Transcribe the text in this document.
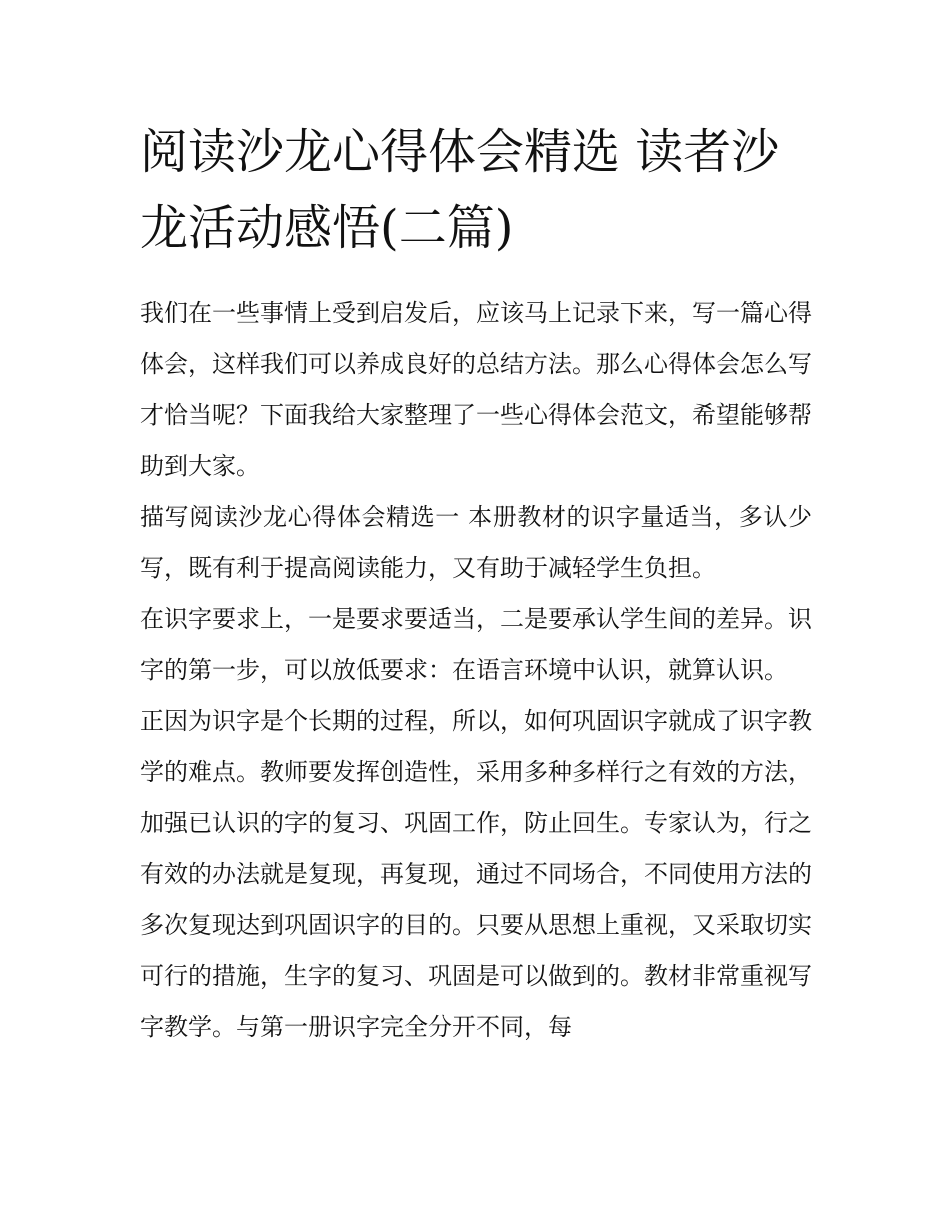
阅读沙龙心得体会精选 读者沙龙活动感悟(二篇)

我们在一些事情上受到启发后，应该马上记录下来，写一篇心得体会，这样我们可以养成良好的总结方法。那么心得体会怎么写才恰当呢？下面我给大家整理了一些心得体会范文，希望能够帮助到大家。

描写阅读沙龙心得体会精选一 本册教材的识字量适当，多认少写，既有利于提高阅读能力，又有助于减轻学生负担。

在识字要求上，一是要求要适当，二是要承认学生间的差异。识字的第一步，可以放低要求：在语言环境中认识，就算认识。

正因为识字是个长期的过程，所以，如何巩固识字就成了识字教学的难点。教师要发挥创造性，采用多种多样行之有效的方法，加强已认识的字的复习、巩固工作，防止回生。专家认为，行之有效的办法就是复现，再复现，通过不同场合，不同使用方法的多次复现达到巩固识字的目的。只要从思想上重视，又采取切实可行的措施，生字的复习、巩固是可以做到的。教材非常重视写字教学。与第一册识字完全分开不同，每
